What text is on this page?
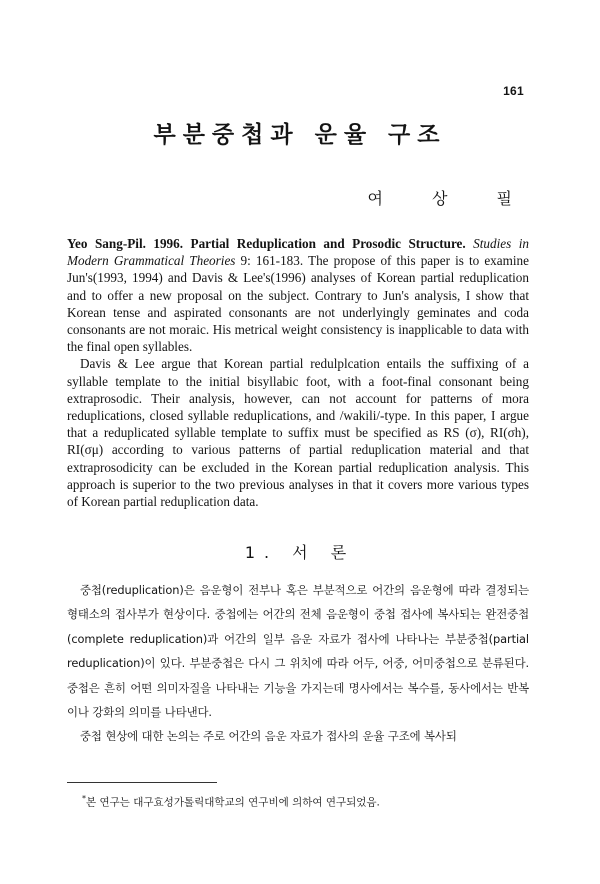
161
부분중첩과 운율 구조
여 상 필

Yeo Sang-Pil. 1996. Partial Reduplication and Prosodic Structure. Studies in Modern Grammatical Theories 9: 161-183. The propose of this paper is to examine Jun's(1993, 1994) and Davis & Lee's(1996) analyses of Korean partial reduplication and to offer a new proposal on the subject. Contrary to Jun's analysis, I show that Korean tense and aspirated consonants are not underlyingly geminates and coda consonants are not moraic. His metrical weight consistency is inapplicable to data with the final open syllables.

Davis & Lee argue that Korean partial redulplcation entails the suffixing of a syllable template to the initial bisyllabic foot, with a foot-final consonant being extraprosodic. Their analysis, however, can not account for patterns of mora reduplications, closed syllable reduplications, and /wakili/-type. In this paper, I argue that a reduplicated syllable template to suffix must be specified as RS (σ), RI(σh), RI(σμ) according to various patterns of partial reduplication material and that extraprosodicity can be excluded in the Korean partial reduplication analysis. This approach is superior to the two previous analyses in that it covers more various types of Korean partial reduplication data.

1. 서 론

중첩(reduplication)은 음운형이 전부나 혹은 부분적으로 어간의 음운형에 따라 결정되는 형태소의 접사부가 현상이다. 중첩에는 어간의 전체 음운형이 중첩 접사에 복사되는 완전중첩(complete reduplication)과 어간의 일부 음운 자료가 접사에 나타나는 부분중첩(partial reduplication)이 있다. 부분중첩은 다시 그 위치에 따라 어두, 어중, 어미중첩으로 분류된다. 중첩은 흔히 어떤 의미자질을 나타내는 기능을 가지는데 명사에서는 복수를, 동사에서는 반복이나 강화의 의미를 나타낸다.

중첩 현상에 대한 논의는 주로 어간의 음운 자료가 접사의 운율 구조에 복사되

*본 연구는 대구효성가톨릭대학교의 연구비에 의하여 연구되었음.
